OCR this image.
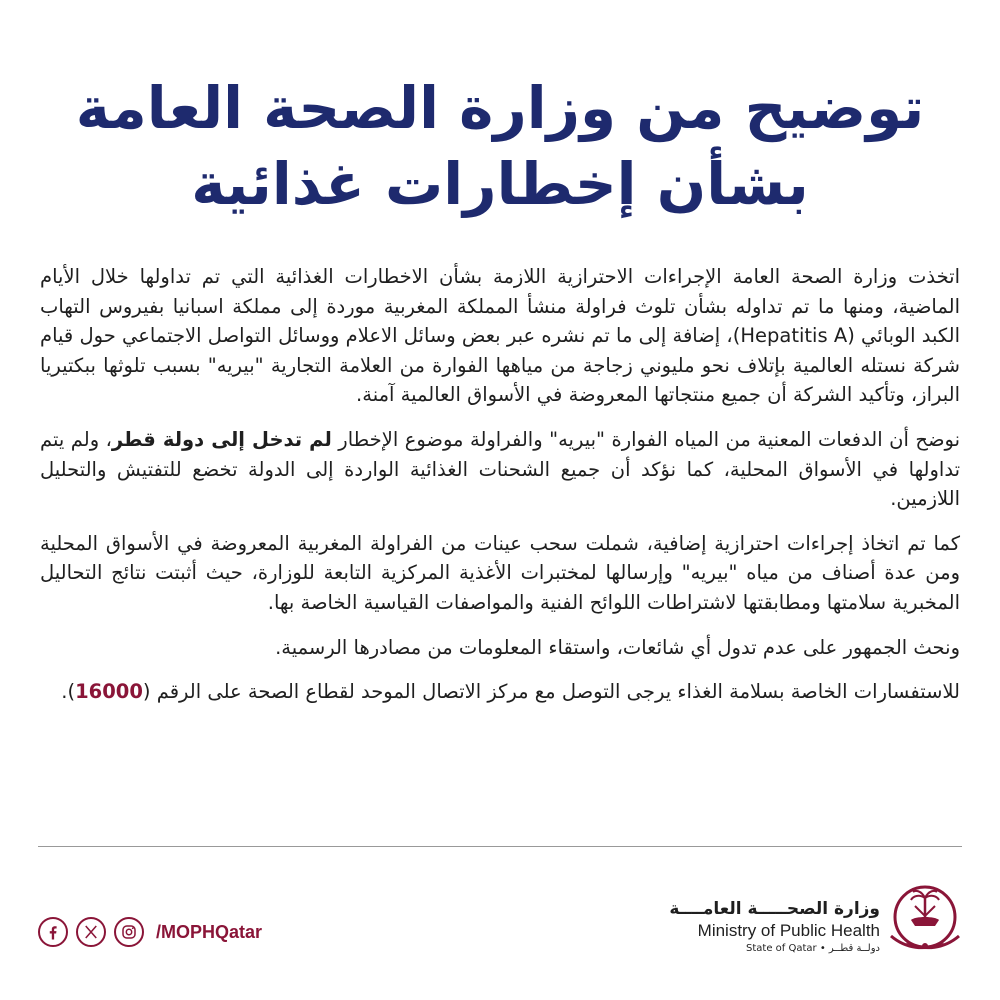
توضيح من وزارة الصحة العامة
بشأن إخطارات غذائية

اتخذت وزارة الصحة العامة الإجراءات الاحترازية اللازمة بشأن الاخطارات الغذائية التي تم تداولها خلال الأيام الماضية، ومنها ما تم تداوله بشأن تلوث فراولة منشأ المملكة المغربية موردة إلى مملكة اسبانيا بفيروس التهاب الكبد الوبائي (Hepatitis A)، إضافة إلى ما تم نشره عبر بعض وسائل الاعلام ووسائل التواصل الاجتماعي حول قيام شركة نستله العالمية بإتلاف نحو مليوني زجاجة من مياهها الفوارة من العلامة التجارية "بيريه" بسبب تلوثها ببكتيريا البراز، وتأكيد الشركة أن جميع منتجاتها المعروضة في الأسواق العالمية آمنة.

نوضح أن الدفعات المعنية من المياه الفوارة "بيريه" والفراولة موضوع الإخطار لم تدخل إلى دولة قطر، ولم يتم تداولها في الأسواق المحلية، كما نؤكد أن جميع الشحنات الغذائية الواردة إلى الدولة تخضع للتفتيش والتحليل اللازمين.

كما تم اتخاذ إجراءات احترازية إضافية، شملت سحب عينات من الفراولة المغربية المعروضة في الأسواق المحلية ومن عدة أصناف من مياه "بيريه" وإرسالها لمختبرات الأغذية المركزية التابعة للوزارة، حيث أثبتت نتائج التحاليل المخبرية سلامتها ومطابقتها لاشتراطات اللوائح الفنية والمواصفات القياسية الخاصة بها.

ونحث الجمهور على عدم تدول أي شائعات، واستقاء المعلومات من مصادرها الرسمية.

للاستفسارات الخاصة بسلامة الغذاء يرجى التوصل مع مركز الاتصال الموحد لقطاع الصحة على الرقم (16000).

/MOPHQatar
وزارة الصحـــــة العامــــة
Ministry of Public Health
State of Qatar • دولــة قطــر
